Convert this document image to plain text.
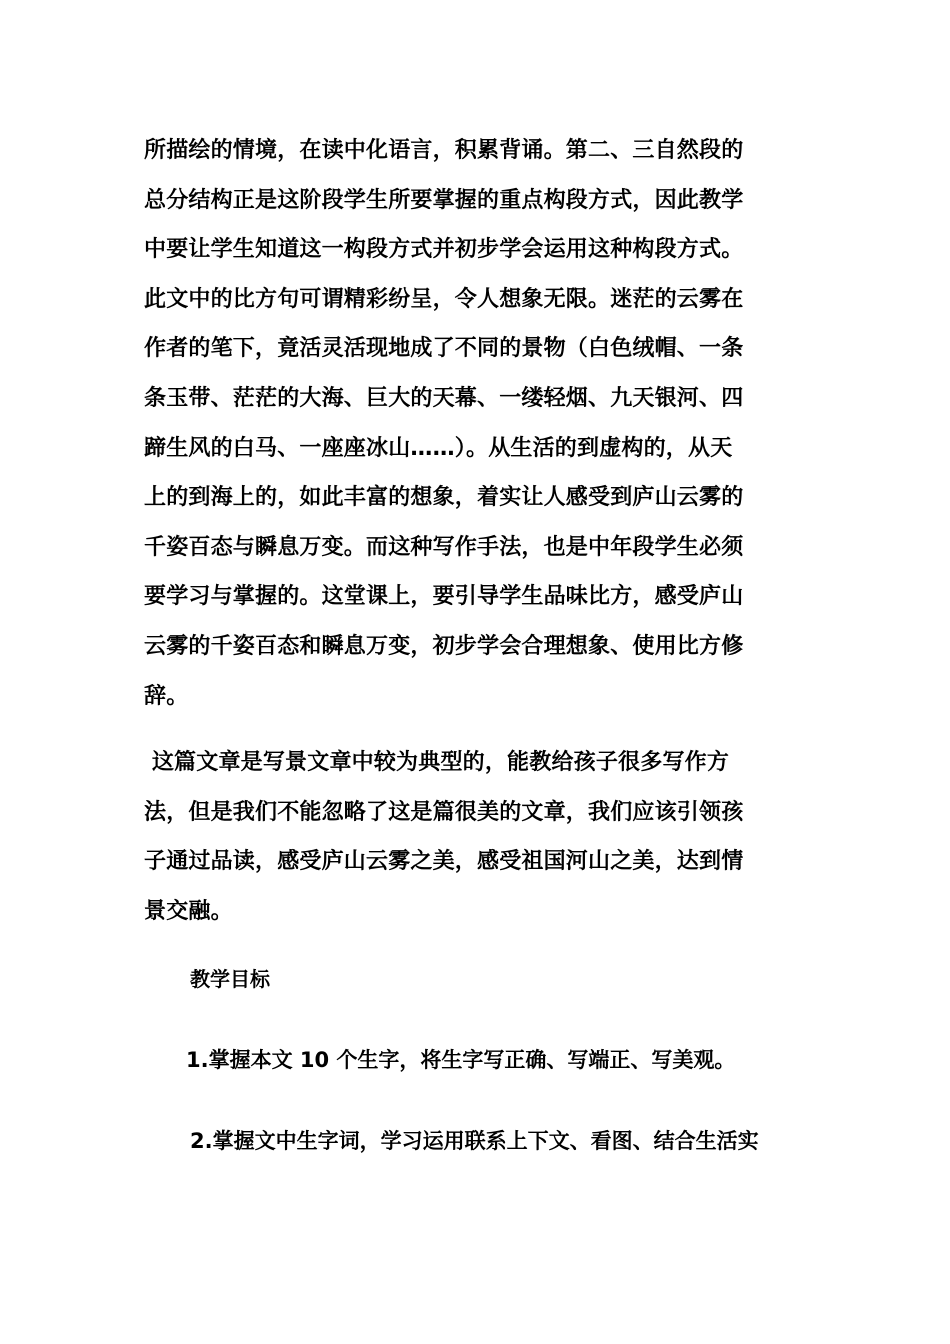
所描绘的情境，在读中化语言，积累背诵。第二、三自然段的
总分结构正是这阶段学生所要掌握的重点构段方式，因此教学
中要让学生知道这一构段方式并初步学会运用这种构段方式。
此文中的比方句可谓精彩纷呈，令人想象无限。迷茫的云雾在
作者的笔下，竟活灵活现地成了不同的景物（白色绒帽、一条
条玉带、茫茫的大海、巨大的天幕、一缕轻烟、九天银河、四
蹄生风的白马、一座座冰山……）。从生活的到虚构的，从天
上的到海上的，如此丰富的想象，着实让人感受到庐山云雾的
千姿百态与瞬息万变。而这种写作手法，也是中年段学生必须
要学习与掌握的。这堂课上，要引导学生品味比方，感受庐山
云雾的千姿百态和瞬息万变，初步学会合理想象、使用比方修
辞。
这篇文章是写景文章中较为典型的，能教给孩子很多写作方
法，但是我们不能忽略了这是篇很美的文章，我们应该引领孩
子通过品读，感受庐山云雾之美，感受祖国河山之美，达到情
景交融。
教学目标
1.掌握本文 10 个生字，将生字写正确、写端正、写美观。
2.掌握文中生字词，学习运用联系上下文、看图、结合生活实
